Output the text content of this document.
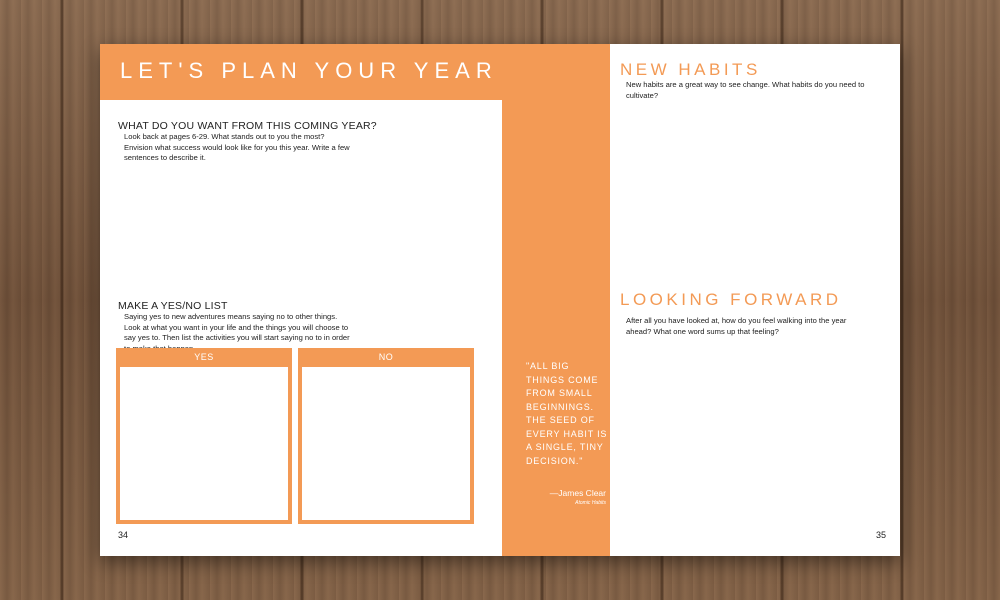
LET'S PLAN YOUR YEAR
WHAT DO YOU WANT FROM THIS COMING YEAR?

Look back at pages 6-29. What stands out to you the most? Envision what success would look like for you this year. Write a few sentences to describe it.

MAKE A YES/NO LIST

Saying yes to new adventures means saying no to other things. Look at what you want in your life and the things you will choose to say yes to. Then list the activities you will start saying no to in order

YES	NO

34

"ALL BIG THINGS COME FROM SMALL BEGINNINGS. THE SEED OF EVERY HABIT IS A SINGLE, TINY DECISION."

—James Clear

Atomic Habits

NEW HABITS

New habits are a great way to see change. What habits do you need to cultivate?

LOOKING FORWARD

After all you have looked at, how do you feel walking into the year ahead? What one word sums up that feeling?

35
